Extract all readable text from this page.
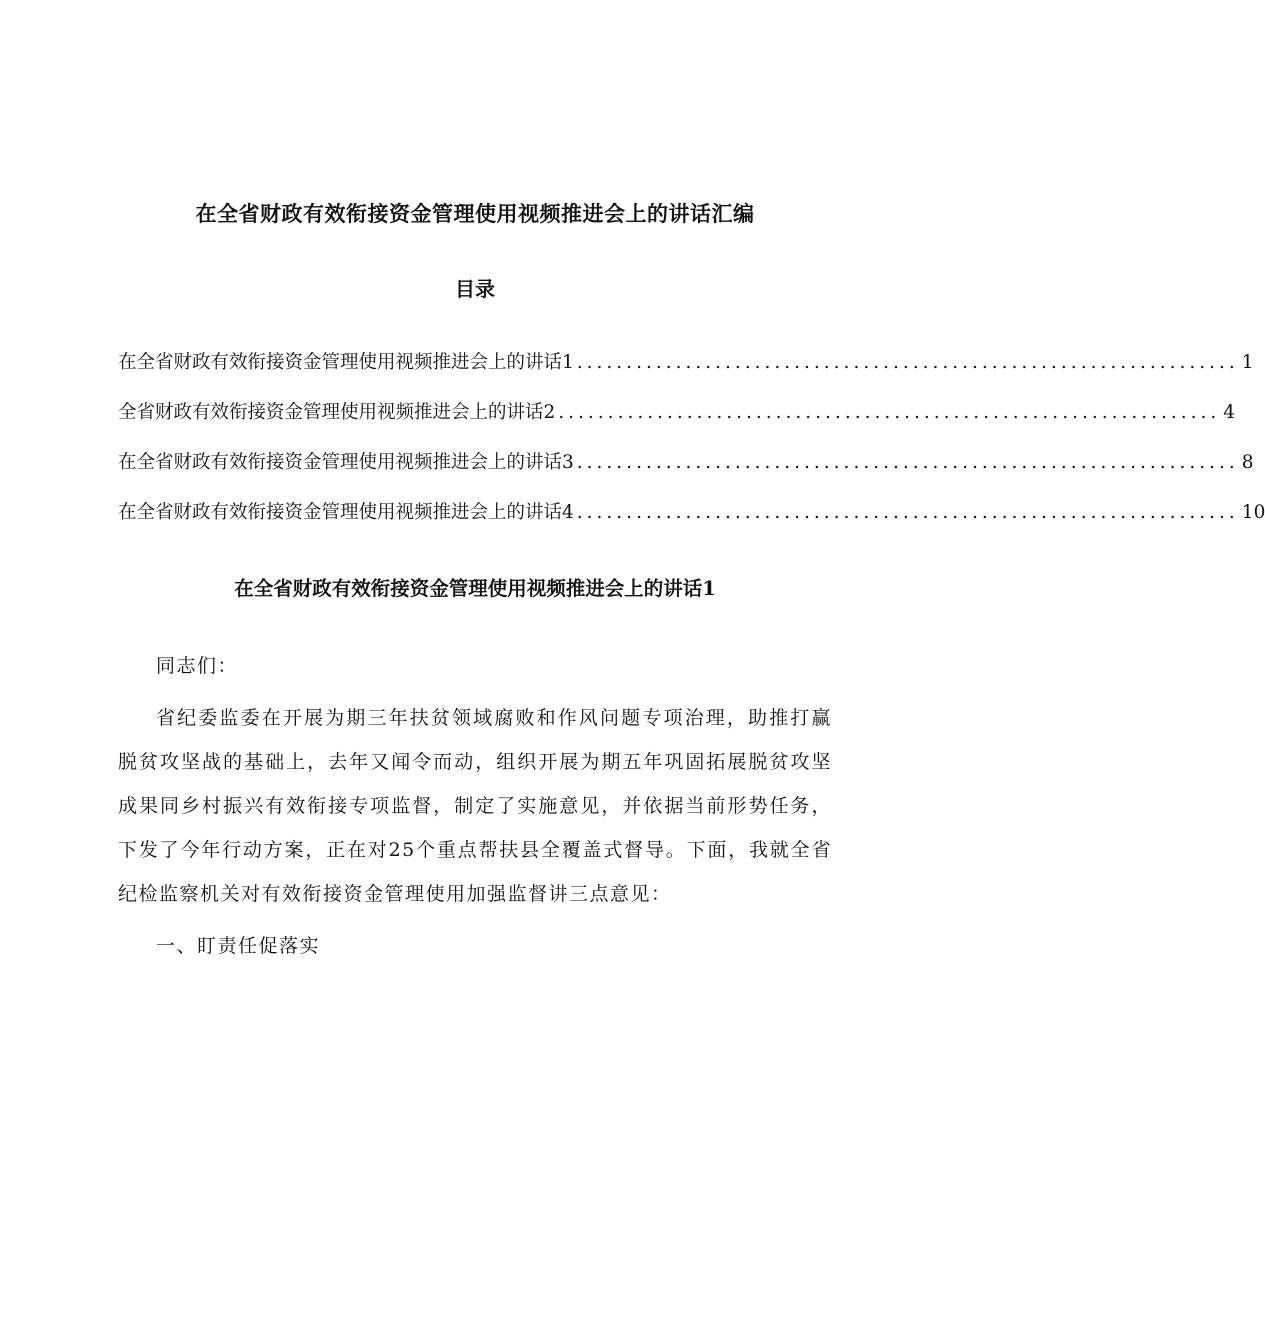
在全省财政有效衔接资金管理使用视频推进会上的讲话汇编
目录
在全省财政有效衔接资金管理使用视频推进会上的讲话1 ................................................................... 1
全省财政有效衔接资金管理使用视频推进会上的讲话2 ................................................................... 4
在全省财政有效衔接资金管理使用视频推进会上的讲话3 ................................................................... 8
在全省财政有效衔接资金管理使用视频推进会上的讲话4 ................................................................... 10
在全省财政有效衔接资金管理使用视频推进会上的讲话1

同志们：

省纪委监委在开展为期三年扶贫领域腐败和作风问题专项治理，助推打赢脱贫攻坚战的基础上，去年又闻令而动，组织开展为期五年巩固拓展脱贫攻坚成果同乡村振兴有效衔接专项监督，制定了实施意见，并依据当前形势任务，下发了今年行动方案，正在对25个重点帮扶县全覆盖式督导。下面，我就全省纪检监察机关对有效衔接资金管理使用加强监督讲三点意见：

一、盯责任促落实
